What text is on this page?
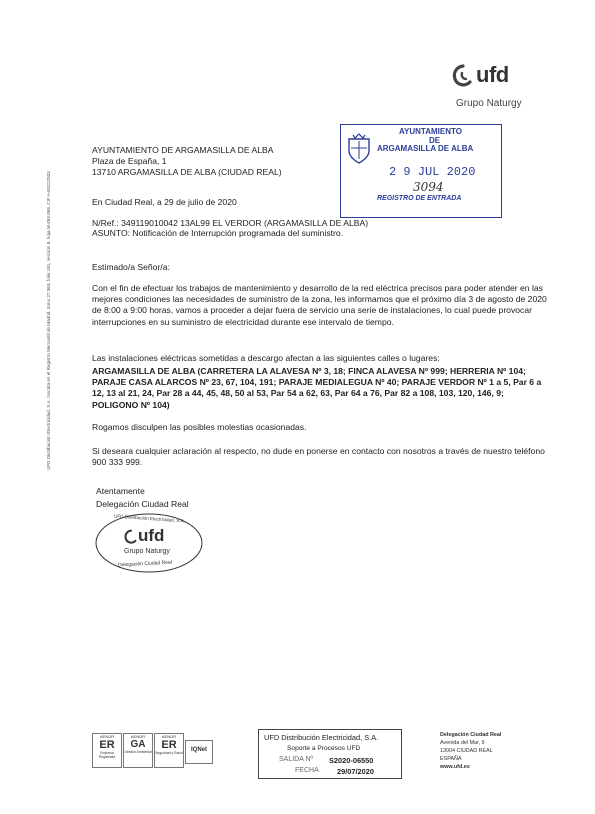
ufd
Grupo Naturgy
UFD Distribución Electricidad, S.A. Inscrita en el Registro Mercantil de Madrid, tomo 27.363, folio 181, sección 8, hoja M-493.069, CIF A-63222533
AYUNTAMIENTO DE ARGAMASILLA DE ALBA
Plaza de España, 1
13710 ARGAMASILLA DE ALBA (CIUDAD REAL)
AYUNTAMIENTO
DE
ARGAMASILLA DE ALBA
2 9 JUL 2020
3094
REGISTRO DE ENTRADA
En Ciudad Real, a 29 de julio de 2020
N/Ref.: 349119010042 13AL99 EL VERDOR (ARGAMASILLA DE ALBA)
ASUNTO: Notificación de Interrupción programada del suministro.
Estimado/a Señor/a:
Con el fin de efectuar los trabajos de mantenimiento y desarrollo de la red eléctrica precisos para poder atender en las mejores condiciones las necesidades de suministro de la zona, les informamos que el próximo día 3 de agosto de 2020 de 8:00 a 9:00 horas, vamos a proceder a dejar fuera de servicio una serie de instalaciones, lo cual puede provocar interrupciones en su suministro de electricidad durante ese intervalo de tiempo.
Las instalaciones eléctricas sometidas a descargo afectan a las siguientes calles o lugares:
ARGAMASILLA DE ALBA (CARRETERA LA ALAVESA Nº 3, 18; FINCA ALAVESA Nº 999; HERRERIA Nº 104; PARAJE CASA ALARCOS Nº 23, 67, 104, 191; PARAJE MEDIALEGUA Nº 40; PARAJE VERDOR Nº 1 a 5, Par 6 a 12, 13 al 21, 24, Par 28 a 44, 45, 48, 50 al 53, Par 54 a 62, 63, Par 64 a 76, Par 82 a 108, 103, 120, 146, 9; POLIGONO Nº 104)
Rogamos disculpen las posibles molestias ocasionadas.
Si deseara cualquier aclaración al respecto, no dude en ponerse en contacto con nosotros a través de nuestro teléfono 900 333 999.
Atentamente
Delegación Ciudad Real
UFD Distribución Electricidad, S.A.
ufd
Grupo Naturgy
Delegación Ciudad Real
AENOR
ER
Empresa Registrada
AENOR
GA
Gestión Ambiental
AENOR
ER
Seguridad y Salud	IQNet
UFD Distribución Electricidad, S.A.
Soporte a Procesos UFD
SALIDA Nº S2020-06550
FECHA 29/07/2020
Delegación Ciudad Real
Avenida del Mar, 9
13004 CIUDAD REAL
ESPAÑA
www.ufd.es
